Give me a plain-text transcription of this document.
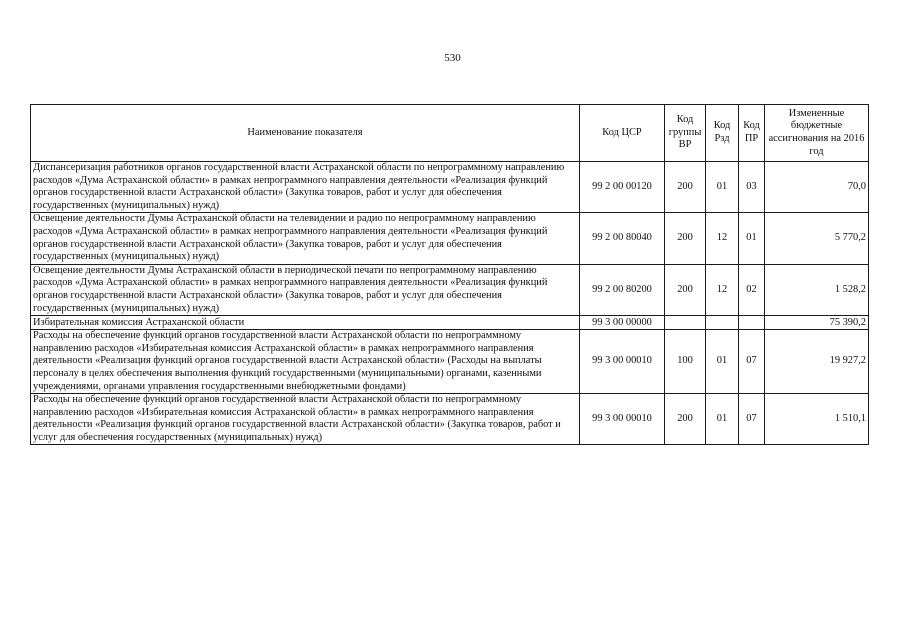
530
Наименование показателя	Код ЦСР	Код группы ВР	Код Рзд	Код ПР	Измененные бюджетные ассигнования на 2016 год
Диспансеризация работников органов государственной власти Астраханской области по непрограммному направлению расходов «Дума Астраханской области» в рамках непрограммного направления деятельности «Реализация функций органов государственной власти Астраханской области» (Закупка товаров, работ и услуг для обеспечения государственных (муниципальных) нужд)	99 2 00 00120	200	01	03	70,0
Освещение деятельности Думы Астраханской области на телевидении и радио по непрограммному направлению расходов «Дума Астраханской области» в рамках непрограммного направления деятельности «Реализация функций органов государственной власти Астраханской области» (Закупка товаров, работ и услуг для обеспечения государственных (муниципальных) нужд)	99 2 00 80040	200	12	01	5 770,2
Освещение деятельности Думы Астраханской области в периодической печати по непрограммному направлению расходов «Дума Астраханской области» в рамках непрограммного направления деятельности «Реализация функций органов государственной власти Астраханской области» (Закупка товаров, работ и услуг для обеспечения государственных (муниципальных) нужд)	99 2 00 80200	200	12	02	1 528,2
Избирательная комиссия Астраханской области	99 3 00 00000				75 390,2
Расходы на обеспечение функций органов государственной власти Астраханской области по непрограммному направлению расходов «Избирательная комиссия Астраханской области» в рамках непрограммного направления деятельности «Реализация функций органов государственной власти Астраханской области» (Расходы на выплаты персоналу в целях обеспечения выполнения функций государственными (муниципальными) органами, казенными учреждениями, органами управления государственными внебюджетными фондами)	99 3 00 00010	100	01	07	19 927,2
Расходы на обеспечение функций органов государственной власти Астраханской области по непрограммному направлению расходов «Избирательная комиссия Астраханской области» в рамках непрограммного направления деятельности «Реализация функций органов государственной власти Астраханской области» (Закупка товаров, работ и услуг для обеспечения государственных (муниципальных) нужд)	99 3 00 00010	200	01	07	1 510,1
